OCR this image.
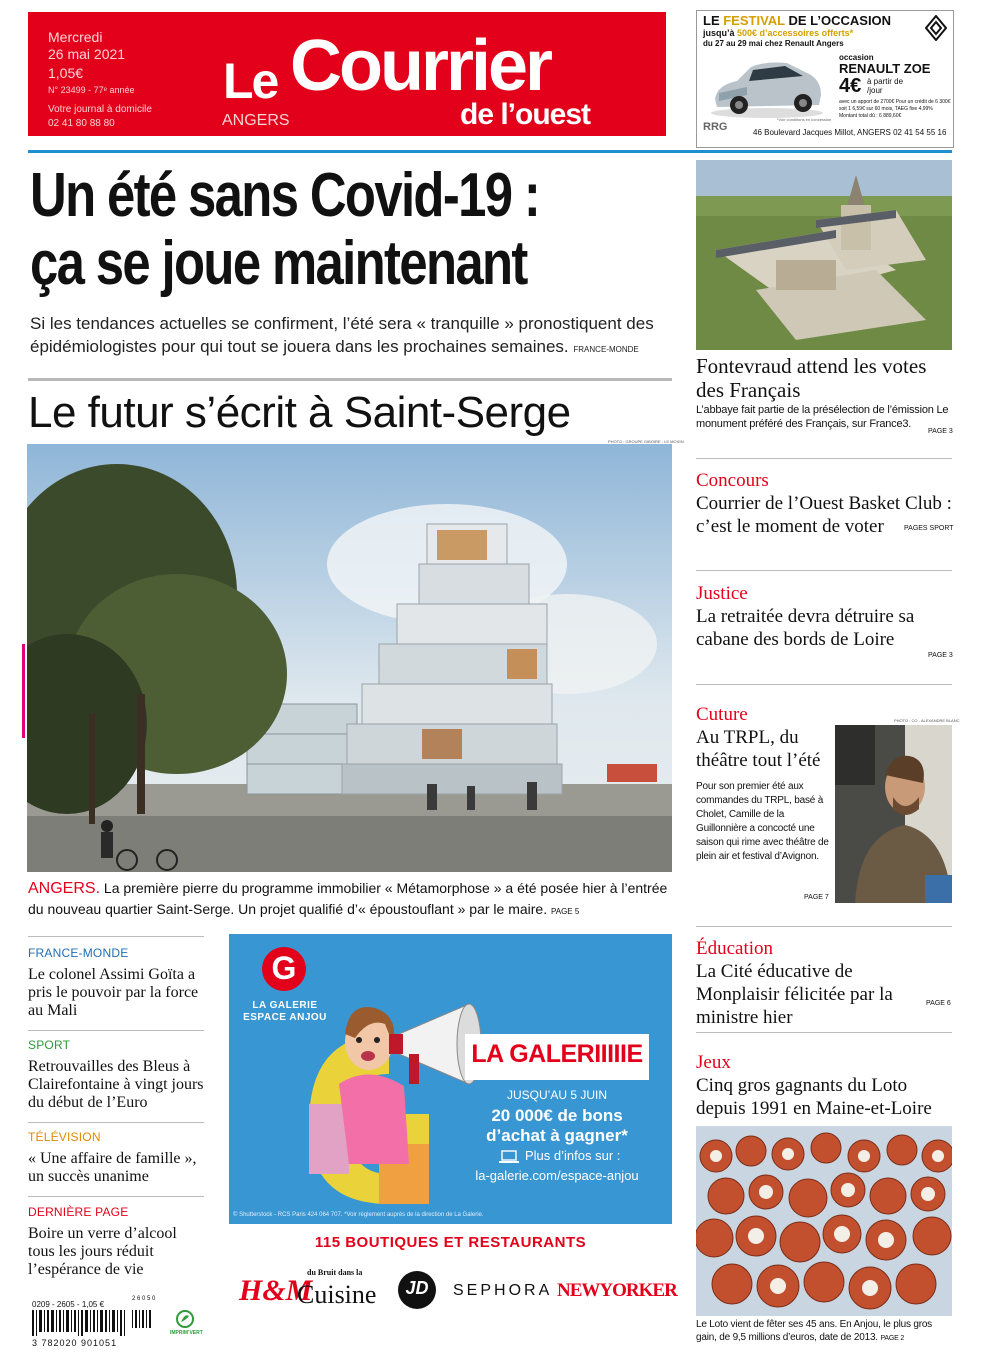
Mercredi
26 mai 2021
1,05€
N° 23499 - 77ᵉ année
Votre journal à domicile
02 41 80 88 80
Le Courrier
ANGERS	de l’ouest
LE FESTIVAL DE L’OCCASION
jusqu’à 500€ d’accessoires offerts*
du 27 au 29 mai chez Renault Angers
occasion
RENAULT ZOE
4€ à partir de /jour
avec un apport de 2700€ Pour un crédit de 6 300€ soit 1 6,59€ sur 60 mois, TAEG fixe 4,99% Montant total dû : 6 889,60€
*Voir conditions en concession
RRG	46 Boulevard Jacques Millot, ANGERS 02 41 54 55 16
Un été sans Covid-19 :
ça se joue maintenant
Si les tendances actuelles se confirment, l’été sera « tranquille » pronostiquent des épidémiologistes pour qui tout se jouera dans les prochaines semaines. FRANCE-MONDE
Le futur s’écrit à Saint-Serge
PHOTO : GROUPE GIBOIRE - LE MOIGN
ANGERS. La première pierre du programme immobilier « Métamorphose » a été posée hier à l’entrée du nouveau quartier Saint-Serge. Un projet qualifié d’« époustouflant » par le maire. PAGE 5
FRANCE-MONDE
Le colonel Assimi Goïta a pris le pouvoir par la force au Mali
SPORT
Retrouvailles des Bleus à Clairefontaine à vingt jours du début de l’Euro
TÉLÉVISION
« Une affaire de famille », un succès unanime
DERNIÈRE PAGE
Boire un verre d’alcool tous les jours réduit l’espérance de vie
0209 - 2605 - 1,05 €
3 782020 901051
2 6 0 5 0
IMPRIM’VERT
G
LA GALERIE
ESPACE ANJOU
LA GALERIIIIIE
JUSQU’AU 5 JUIN
20 000€ de bons
d’achat à gagner*
Plus d’infos sur :
la-galerie.com/espace-anjou
© Shutterstock - RCS Paris 424 064 707. *Voir règlement auprès de la direction de La Galerie.
115 BOUTIQUES ET RESTAURANTS
H&M
du Bruit dans la
Cuisine	JD	SEPHORA NEWYORKER
Fontevraud attend les votes des Français
L’abbaye fait partie de la présélection de l’émission Le monument préféré des Français, sur France3.
PAGE 3
Concours
Courrier de l’Ouest Basket Club : c’est le moment de voter	PAGES SPORT
Justice
La retraitée devra détruire sa cabane des bords de Loire
PAGE 3
Cuture
Au TRPL, du théâtre tout l’été
Pour son premier été aux commandes du TRPL, basé à Cholet, Camille de la Guillonnière a concocté une saison qui rime avec théâtre de plein air et festival d’Avignon.
PAGE 7
PHOTO : CO - ALEXANDRE BLANC
Éducation
La Cité éducative de Monplaisir félicitée par la ministre hier
PAGE 6
Jeux
Cinq gros gagnants du Loto depuis 1991 en Maine-et-Loire
Le Loto vient de fêter ses 45 ans. En Anjou, le plus gros gain, de 9,5 millions d’euros, date de 2013. PAGE 2
